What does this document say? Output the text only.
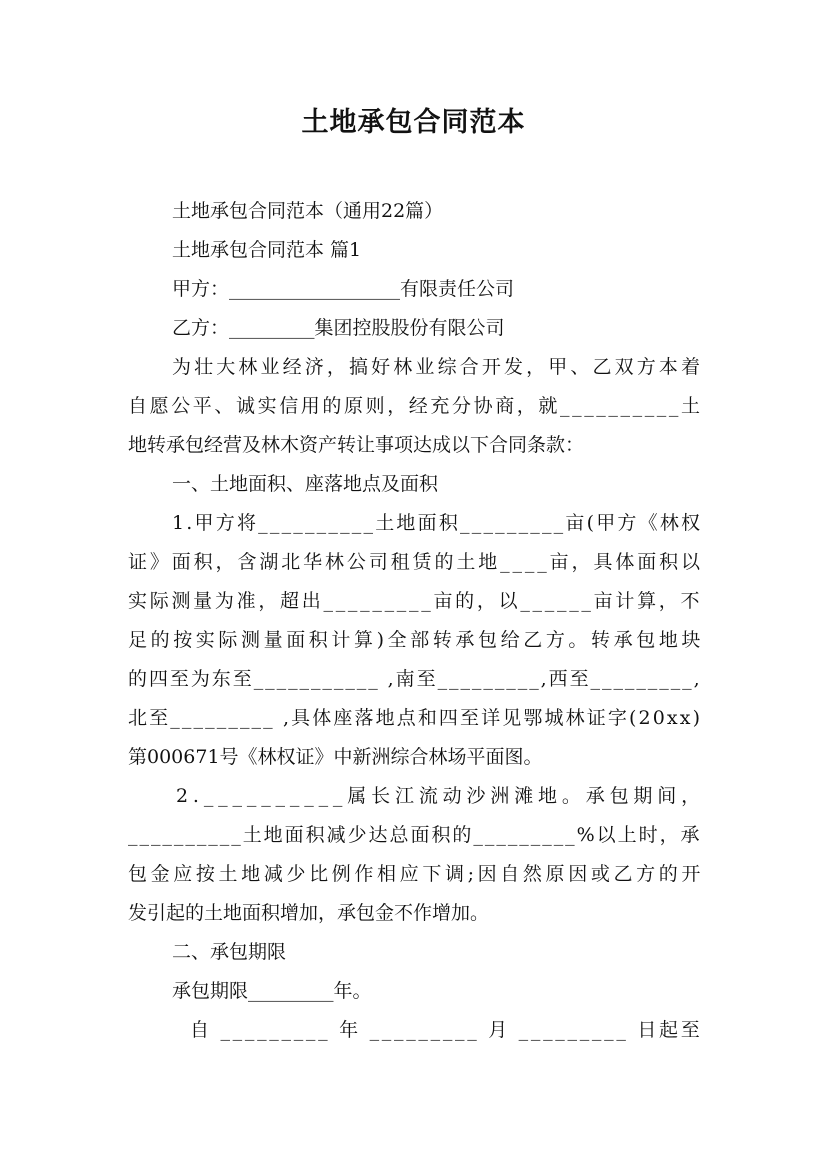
土地承包合同范本
土地承包合同范本（通用22篇）
土地承包合同范本 篇1
甲方：__________________有限责任公司
乙方：_________集团控股股份有限公司
为壮大林业经济，搞好林业综合开发，甲、乙双方本着
自愿公平、诚实信用的原则，经充分协商，就__________土
地转承包经营及林木资产转让事项达成以下合同条款：
一、土地面积、座落地点及面积
1.甲方将__________土地面积_________亩(甲方《林权
证》面积，含湖北华林公司租赁的土地____亩，具体面积以
实际测量为准，超出_________亩的，以______亩计算，不
足的按实际测量面积计算)全部转承包给乙方。转承包地块
的四至为东至___________ ,南至_________,西至_________,
北至_________ ,具体座落地点和四至详见鄂城林证字(20xx)
第000671号《林权证》中新洲综合林场平面图。
2.__________属长江流动沙洲滩地。承包期间，
__________土地面积减少达总面积的_________%以上时，承
包金应按土地减少比例作相应下调;因自然原因或乙方的开
发引起的土地面积增加，承包金不作增加。
二、承包期限
承包期限_________年。
自 _________ 年 _________ 月 _________ 日起至
